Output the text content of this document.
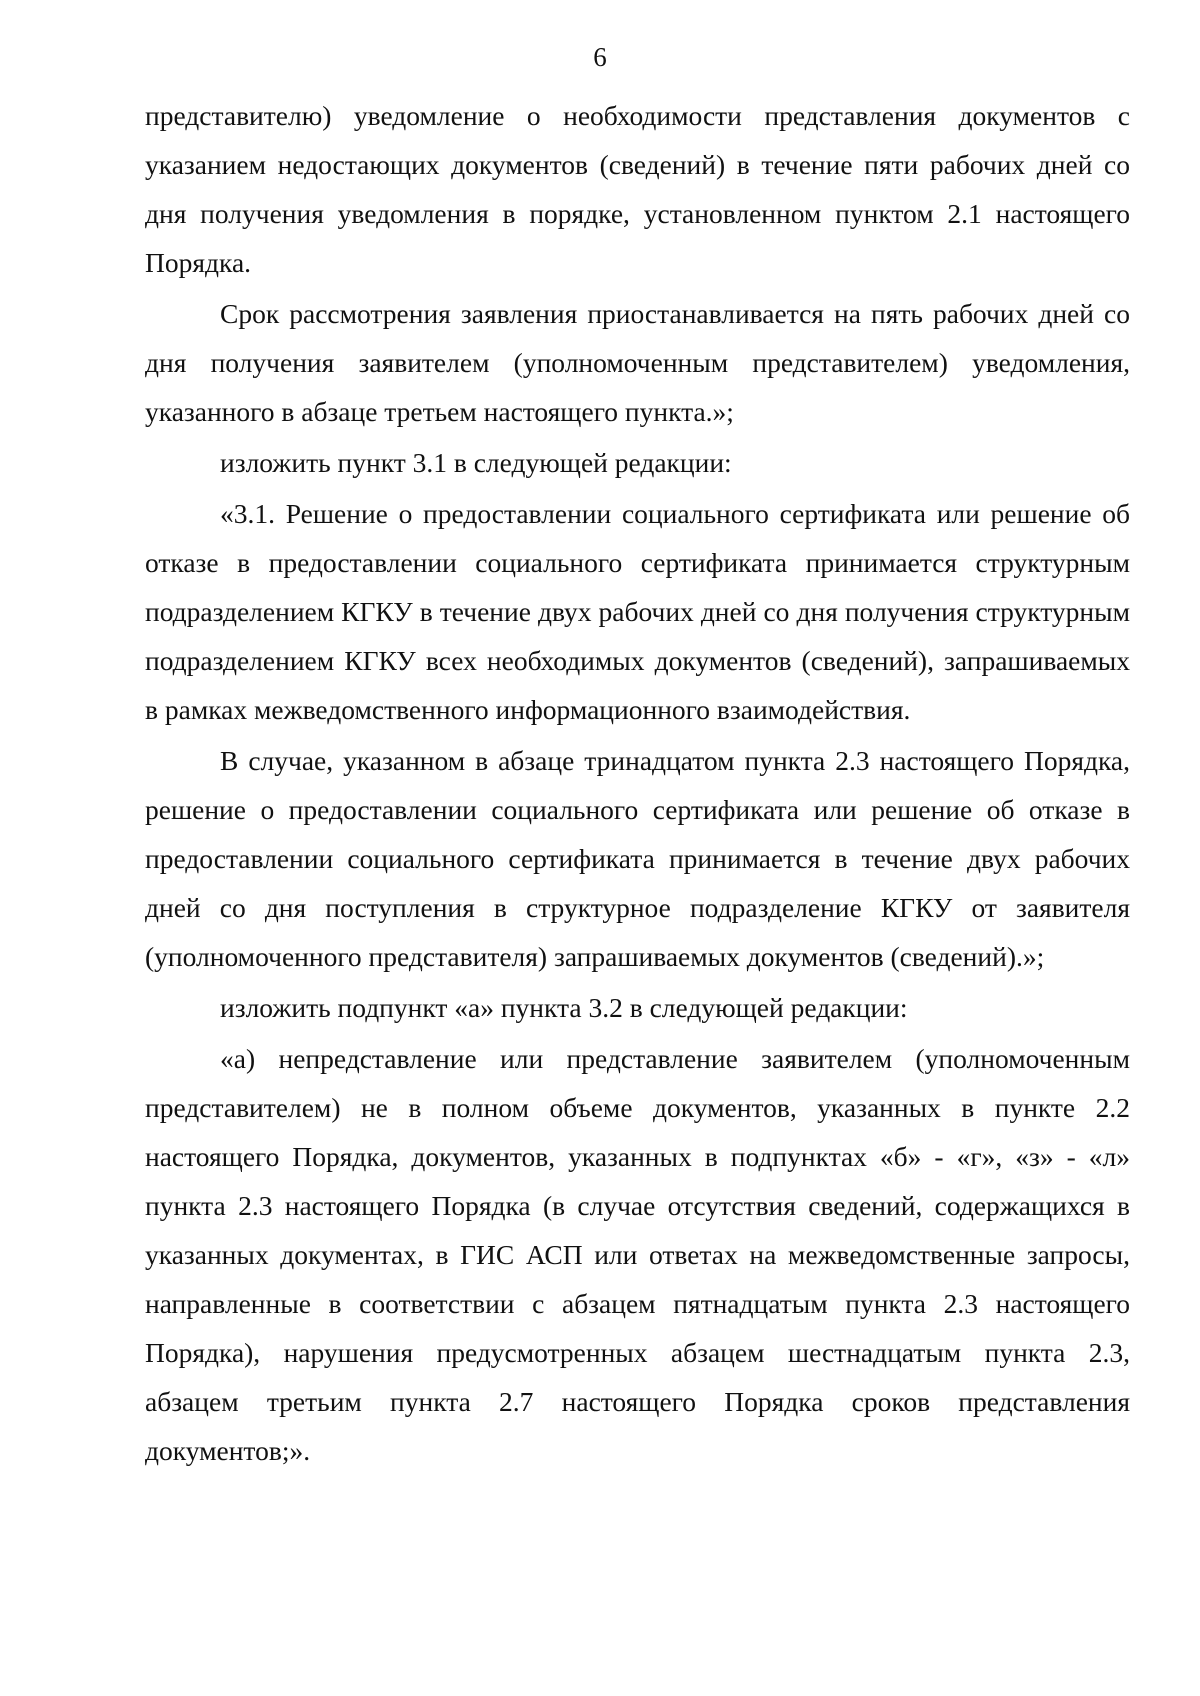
6

представителю) уведомление о необходимости представления документов с указанием недостающих документов (сведений) в течение пяти рабочих дней со дня получения уведомления в порядке, установленном пунктом 2.1 настоящего Порядка.

Срок рассмотрения заявления приостанавливается на пять рабочих дней со дня получения заявителем (уполномоченным представителем) уведомления, указанного в абзаце третьем настоящего пункта.»;

изложить пункт 3.1 в следующей редакции:

«3.1. Решение о предоставлении социального сертификата или решение об отказе в предоставлении социального сертификата принимается структурным подразделением КГКУ в течение двух рабочих дней со дня получения структурным подразделением КГКУ всех необходимых документов (сведений), запрашиваемых в рамках межведомственного информационного взаимодействия.

В случае, указанном в абзаце тринадцатом пункта 2.3 настоящего Порядка, решение о предоставлении социального сертификата или решение об отказе в предоставлении социального сертификата принимается в течение двух рабочих дней со дня поступления в структурное подразделение КГКУ от заявителя (уполномоченного представителя) запрашиваемых документов (сведений).»;

изложить подпункт «а» пункта 3.2 в следующей редакции:

«а) непредставление или представление заявителем (уполномоченным представителем) не в полном объеме документов, указанных в пункте 2.2 настоящего Порядка, документов, указанных в подпунктах «б» - «г», «з» - «л» пункта 2.3 настоящего Порядка (в случае отсутствия сведений, содержащихся в указанных документах, в ГИС АСП или ответах на межведомственные запросы, направленные в соответствии с абзацем пятнадцатым пункта 2.3 настоящего Порядка), нарушения предусмотренных абзацем шестнадцатым пункта 2.3, абзацем третьим пункта 2.7 настоящего Порядка сроков представления документов;».
